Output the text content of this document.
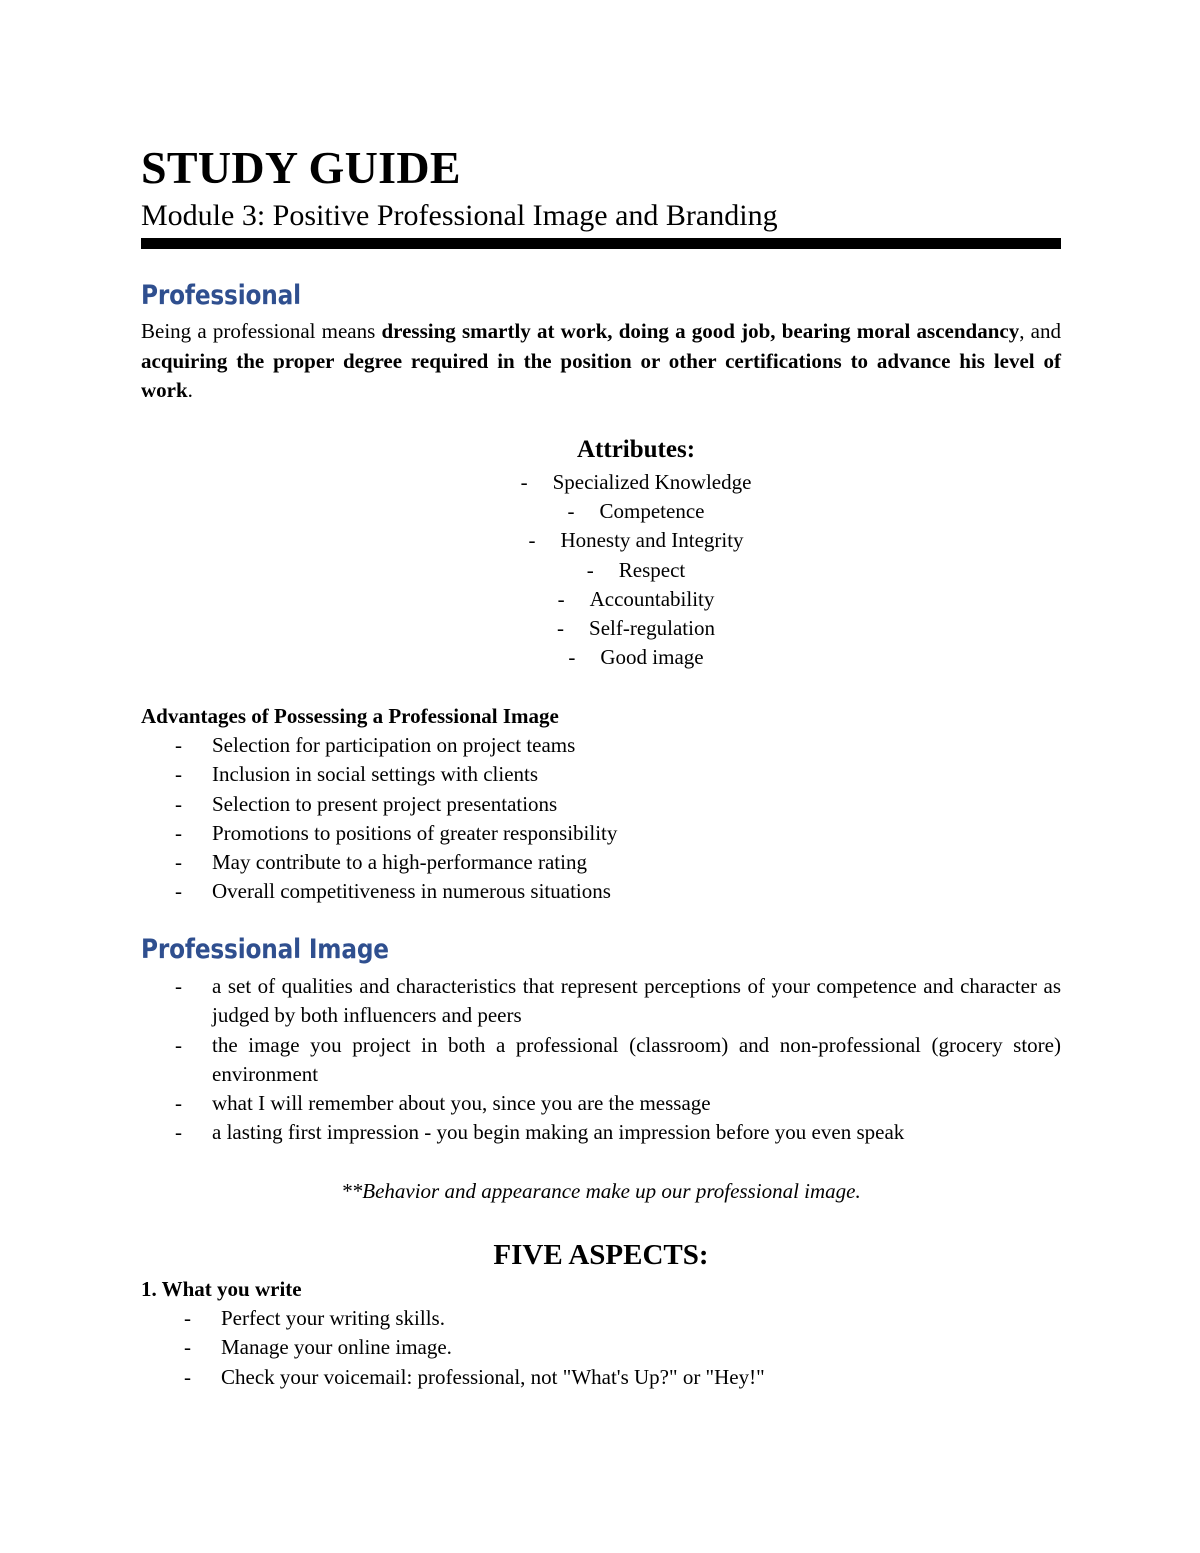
STUDY GUIDE
Module 3: Positive Professional Image and Branding
Professional

Being a professional means dressing smartly at work, doing a good job, bearing moral ascendancy, and acquiring the proper degree required in the position or other certifications to advance his level of work.

Attributes:
- Specialized Knowledge
- Competence
- Honesty and Integrity
- Respect
- Accountability
- Self-regulation
- Good image
Advantages of Possessing a Professional Image
- Selection for participation on project teams
- Inclusion in social settings with clients
- Selection to present project presentations
- Promotions to positions of greater responsibility
- May contribute to a high-performance rating
- Overall competitiveness in numerous situations
Professional Image
- a set of qualities and characteristics that represent perceptions of your competence and character as judged by both influencers and peers
- the image you project in both a professional (classroom) and non-professional (grocery store) environment
- what I will remember about you, since you are the message
- a lasting first impression - you begin making an impression before you even speak

**Behavior and appearance make up our professional image.

FIVE ASPECTS:
1. What you write
- Perfect your writing skills.
- Manage your online image.
- Check your voicemail: professional, not "What's Up?" or "Hey!"
